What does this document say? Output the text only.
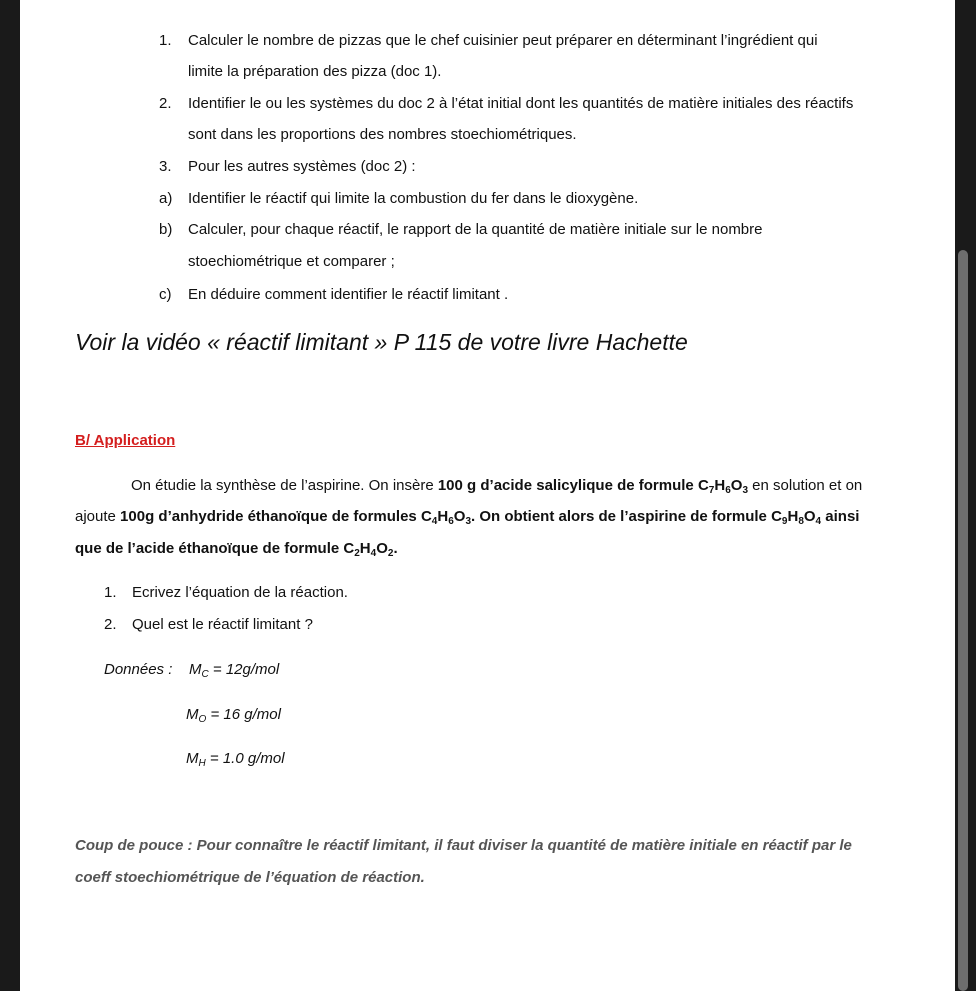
1. Calculer le nombre de pizzas que le chef cuisinier peut préparer en déterminant l’ingrédient qui
limite la préparation des pizza (doc 1).
2. Identifier le ou les systèmes du doc 2 à l’état initial dont les quantités de matière initiales des réactifs
sont dans les proportions des nombres stoechiométriques.
3. Pour les autres systèmes (doc 2) :
a) Identifier le réactif qui limite la combustion du fer dans le dioxygène.
b) Calculer, pour chaque réactif, le rapport de la quantité de matière initiale sur le nombre
stoechiométrique et comparer ;
c) En déduire comment identifier le réactif limitant .
Voir la vidéo « réactif limitant » P 115 de votre livre Hachette
B/ Application
On étudie la synthèse de l’aspirine. On insère 100 g d’acide salicylique de formule $C_7H_6O_3$ en solution et on
ajoute 100g d’anhydride éthanoïque de formules $C_4H_6O_3$. On obtient alors de l’aspirine de formule $C_9H_8O_4$ ainsi
que de l’acide éthanoïque de formule $C_2H_4O_2$.
1. Ecrivez l’équation de la réaction.
2. Quel est le réactif limitant ?
Données : $M_C = 12g/mol$
$M_O = 16$ g/mol
$M_H = 1.0$ g/mol
Coup de pouce : Pour connaître le réactif limitant, il faut diviser la quantité de matière initiale en réactif par le
coeff stoechiométrique de l’équation de réaction.
